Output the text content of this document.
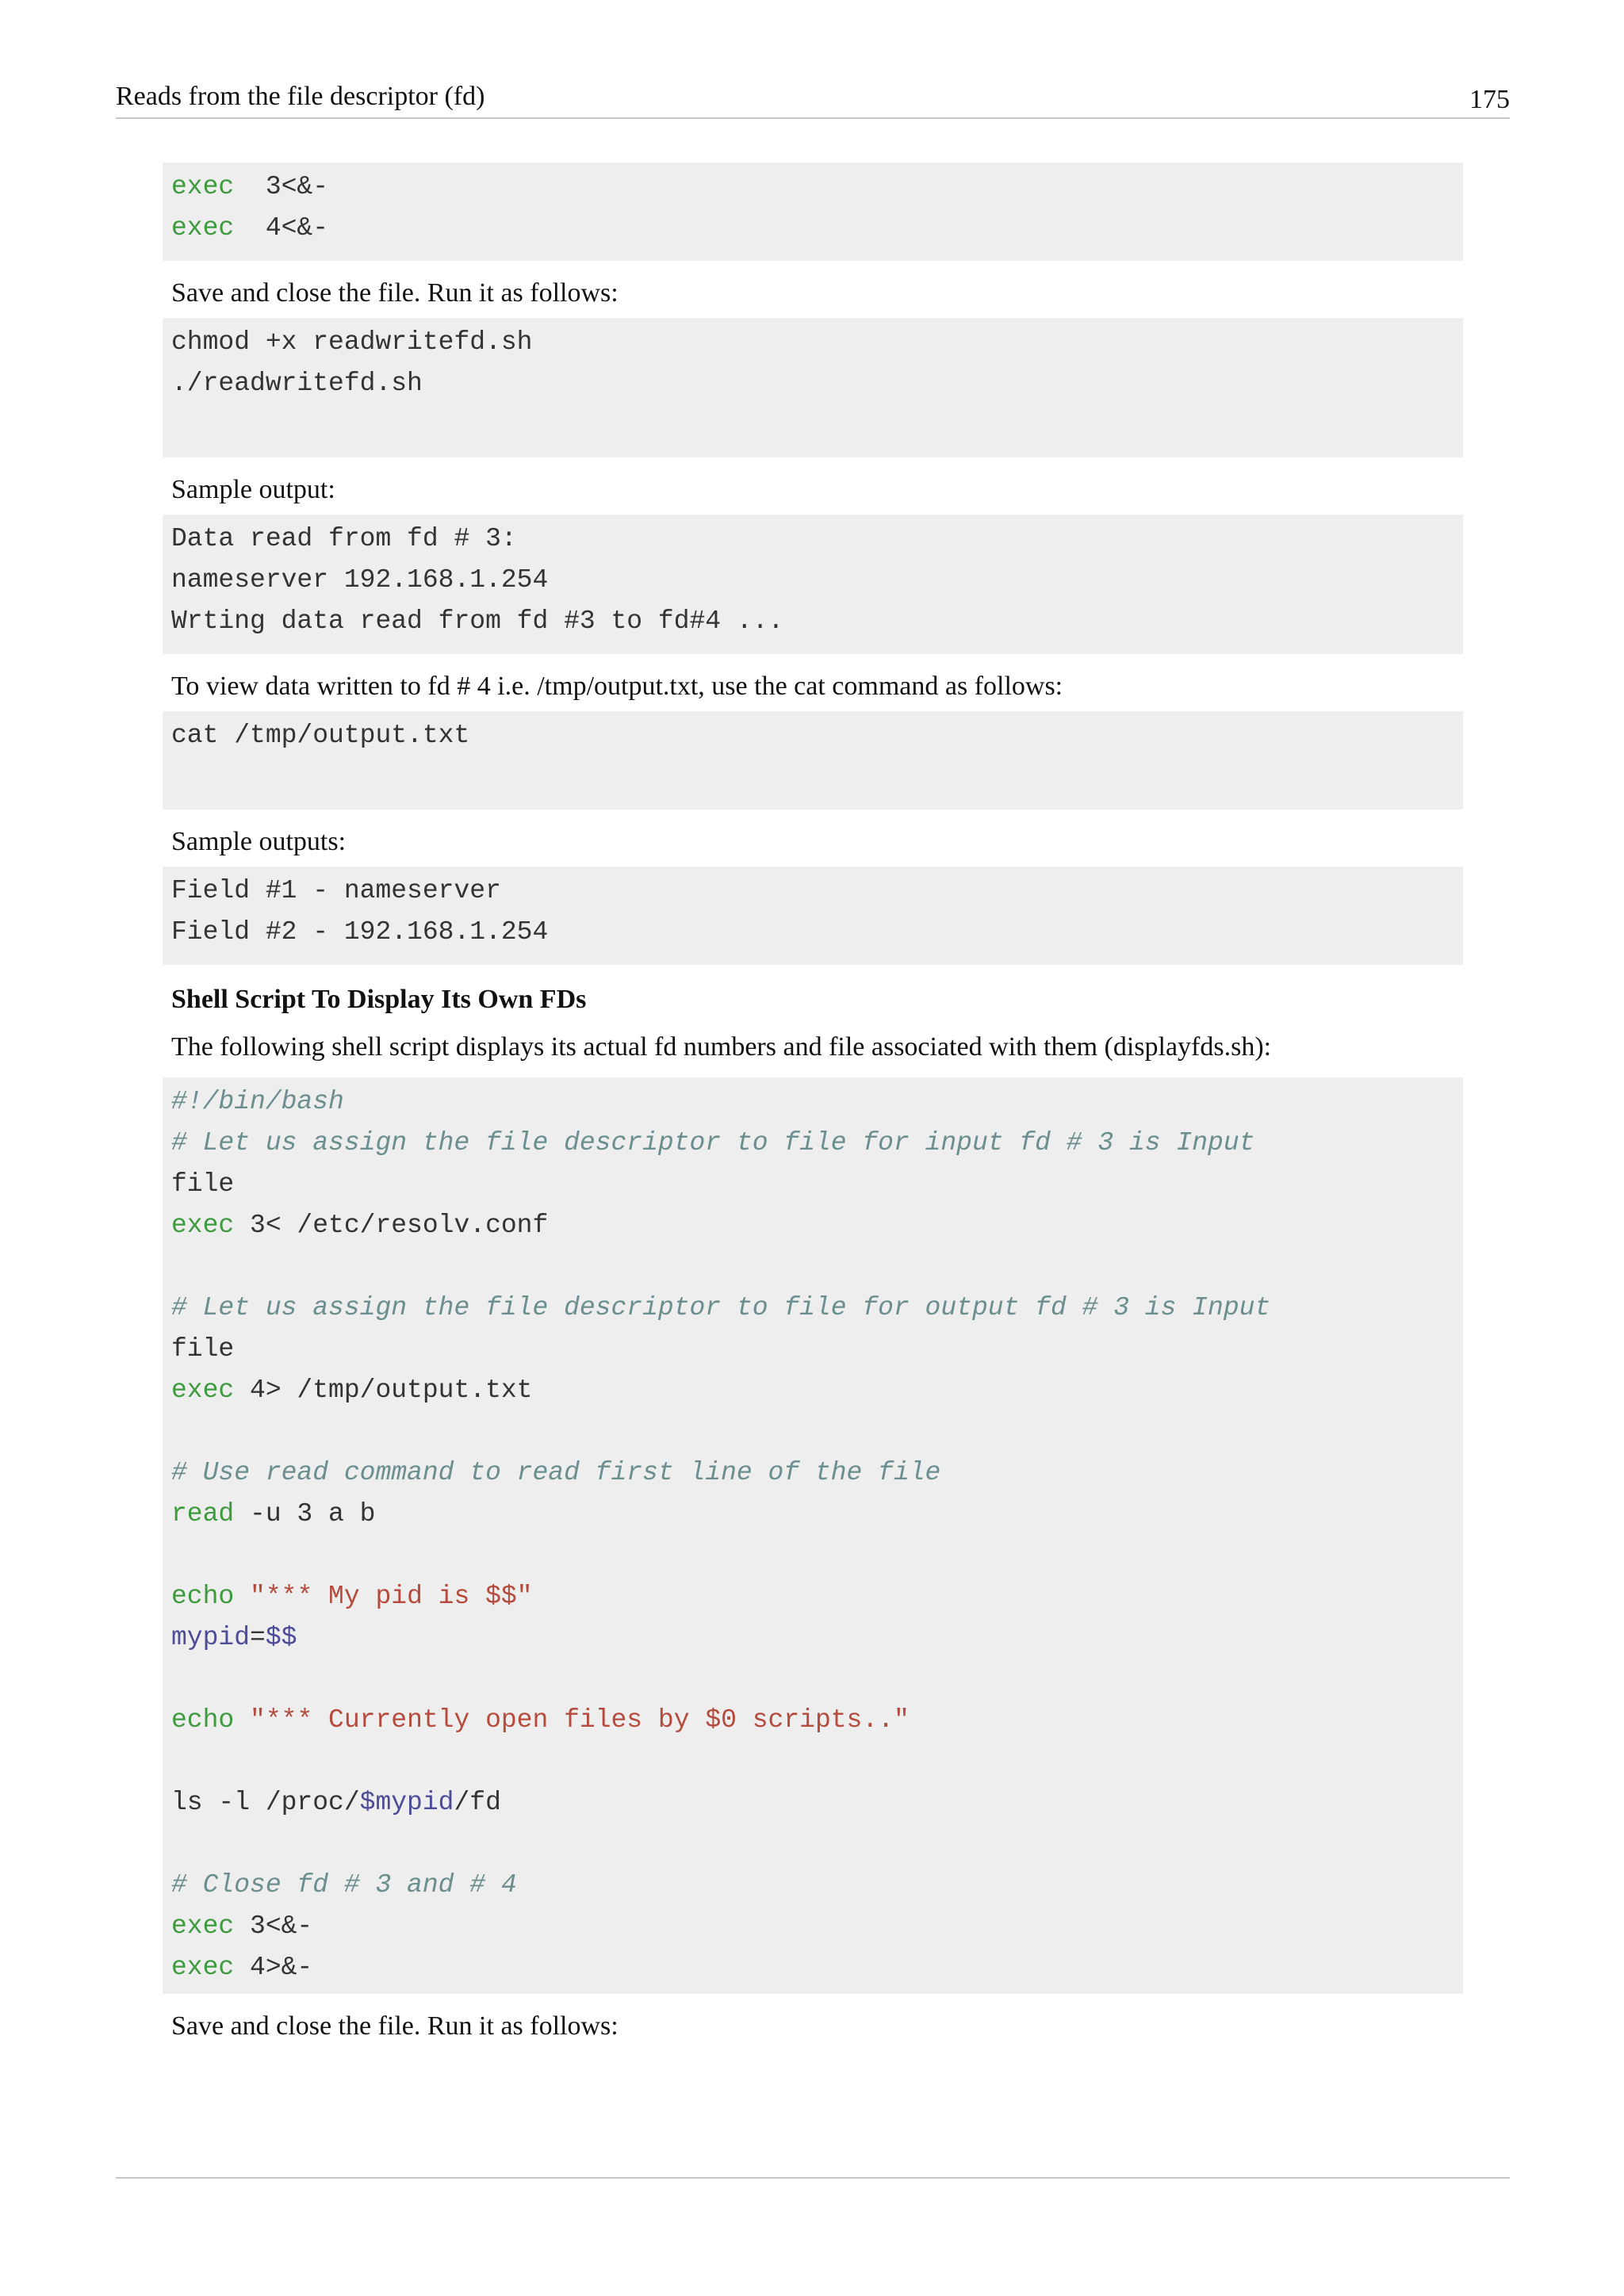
Reads from the file descriptor (fd)	175
exec  3<&-
exec  4<&-

Save and close the file. Run it as follows:

chmod +x readwritefd.sh
./readwritefd.sh

Sample output:

Data read from fd # 3:
nameserver 192.168.1.254
Wrting data read from fd #3 to fd#4 ...

To view data written to fd # 4 i.e. /tmp/output.txt, use the cat command as follows:

cat /tmp/output.txt

Sample outputs:

Field #1 - nameserver
Field #2 - 192.168.1.254

Shell Script To Display Its Own FDs

The following shell script displays its actual fd numbers and file associated with them (displayfds.sh):

#!/bin/bash
# Let us assign the file descriptor to file for input fd # 3 is Input
file
exec 3< /etc/resolv.conf
# Let us assign the file descriptor to file for output fd # 3 is Input
file
exec 4> /tmp/output.txt
# Use read command to read first line of the file
read -u 3 a b
echo "*** My pid is $$"
mypid=$$
echo "*** Currently open files by $0 scripts.."
ls -l /proc/$mypid/fd
# Close fd # 3 and # 4
exec 3<&-
exec 4>&-

Save and close the file. Run it as follows:
